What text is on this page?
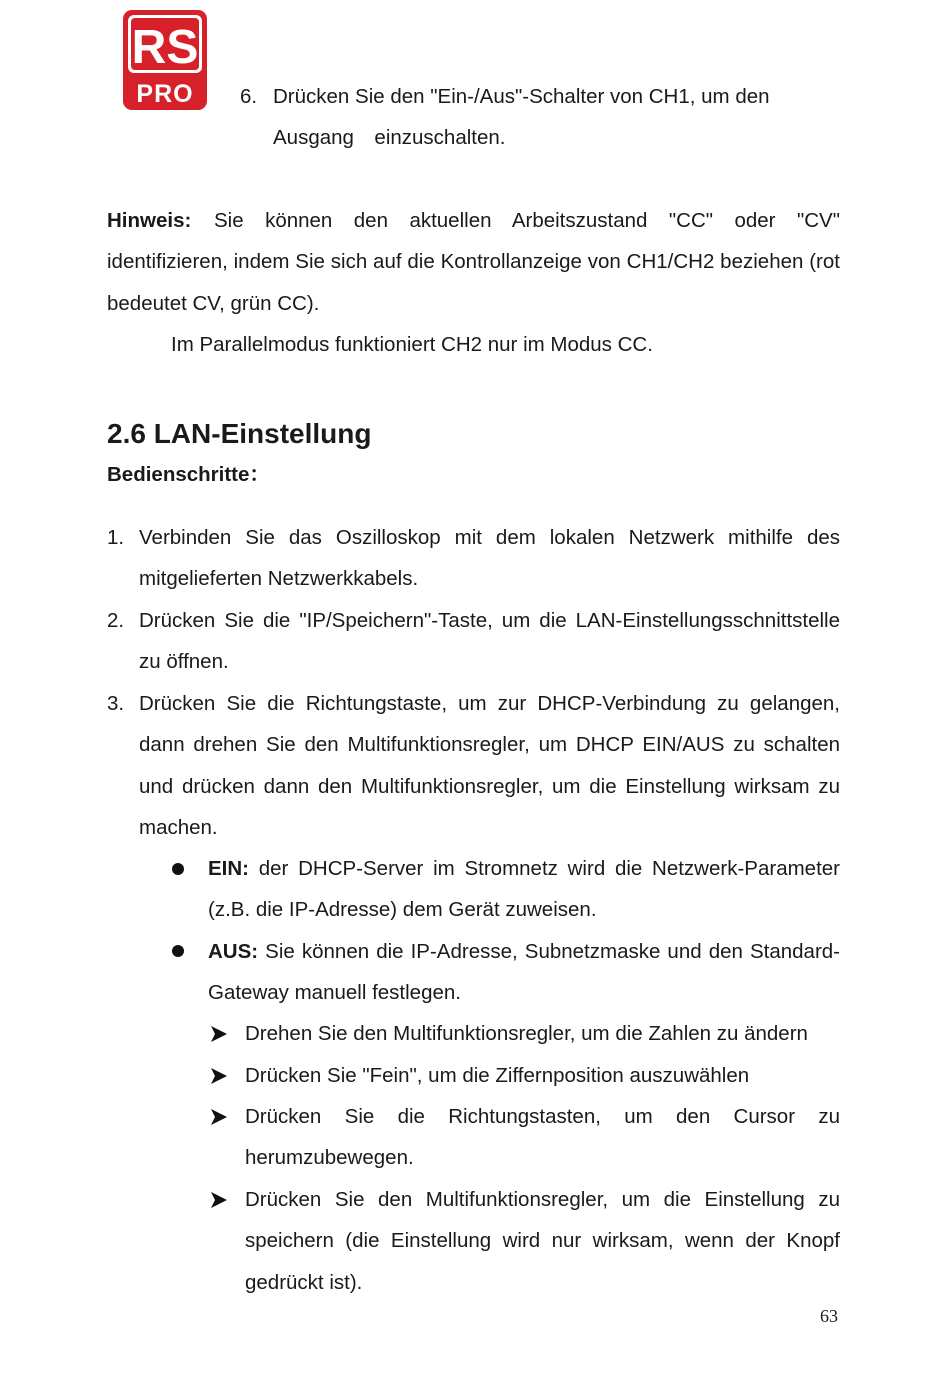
RS
PRO 6. Drücken Sie den "Ein-/Aus"-Schalter von CH1, um den Ausgang einzuschalten.
Hinweis:	Sie können den aktuellen Arbeitszustand "CC" oder "CV" identifizieren, indem Sie sich auf die Kontrollanzeige von CH1/CH2 beziehen (rot bedeutet CV, grün CC).
Im Parallelmodus funktioniert CH2 nur im Modus CC.
2.6 LAN-Einstellung
Bedienschritte：
1. Verbinden Sie das Oszilloskop mit dem lokalen Netzwerk mithilfe des mitgelieferten Netzwerkkabels.
2. Drücken Sie die "IP/Speichern"-Taste, um die LAN-Einstellungsschnittstelle zu öffnen.
3. Drücken Sie die Richtungstaste, um zur DHCP-Verbindung zu gelangen, dann drehen Sie den Multifunktionsregler, um DHCP EIN/AUS zu schalten und drücken dann den Multifunktionsregler, um die Einstellung wirksam zu machen.
EIN: der DHCP-Server im Stromnetz wird die Netzwerk-Parameter (z.B. die IP-Adresse) dem Gerät zuweisen.
AUS: Sie können die IP-Adresse, Subnetzmaske und den Standard-Gateway manuell festlegen.
Drehen Sie den Multifunktionsregler, um die Zahlen zu ändern
Drücken Sie "Fein", um die Ziffernposition auszuwählen
Drücken Sie die Richtungstasten, um den Cursor zu herumzubewegen.
Drücken Sie den Multifunktionsregler, um die Einstellung zu speichern (die Einstellung wird nur wirksam, wenn der Knopf gedrückt ist).
63
